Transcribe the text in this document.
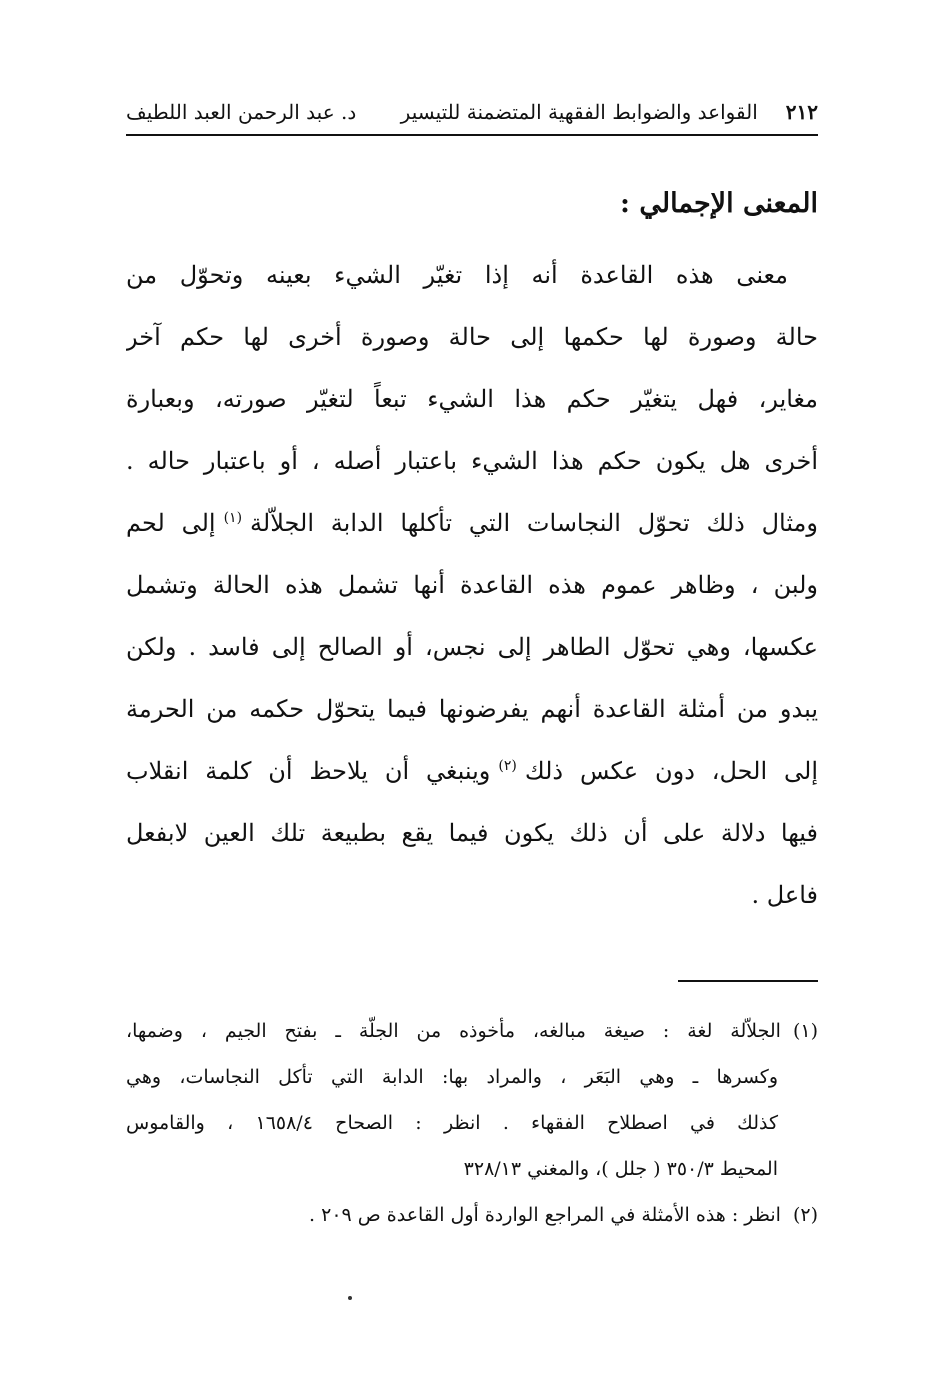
٢١٢
القواعد والضوابط الفقهية المتضمنة للتيسير
د. عبد الرحمن العبد اللطيف
المعنى الإجمالي :
معنى هذه القاعدة أنه إذا تغيّر الشيء بعينه وتحوّل من
حالة وصورة لها حكمها إلى حالة وصورة أخرى لها حكم آخر
مغاير، فهل يتغيّر حكم هذا الشيء تبعاً لتغيّر صورته، وبعبارة
أخرى هل يكون حكم هذا الشيء باعتبار أصله ، أو باعتبار حاله .
ومثال ذلك تحوّل النجاسات التي تأكلها الدابة الجلاّلة$^{(١)}$إلى لحم
ولبن ، وظاهر عموم هذه القاعدة أنها تشمل هذه الحالة وتشمل
عكسها، وهي تحوّل الطاهر إلى نجس، أو الصالح إلى فاسد . ولكن
يبدو من أمثلة القاعدة أنهم يفرضونها فيما يتحوّل حكمه من الحرمة
إلى الحل، دون عكس ذلك$^{(٢)}$وينبغي أن يلاحظ أن كلمة انقلاب
فيها دلالة على أن ذلك يكون فيما يقع بطبيعة تلك العين لابفعل
فاعل .
(١)الجلاّلة لغة : صيغة مبالغه، مأخوذه من الجلّة ـ بفتح الجيم ، وضمها،
وكسرها ـ وهي البَعَر ، والمراد بها: الدابة التي تأكل النجاسات، وهي
كذلك في اصطلاح الفقهاء . انظر : الصحاح ١٦٥٨/٤ ، والقاموس
المحيط ٣٥٠/٣ ( جلل )، والمغني ٣٢٨/١٣
(٢)انظر : هذه الأمثلة في المراجع الواردة أول القاعدة ص ٢٠٩ .
